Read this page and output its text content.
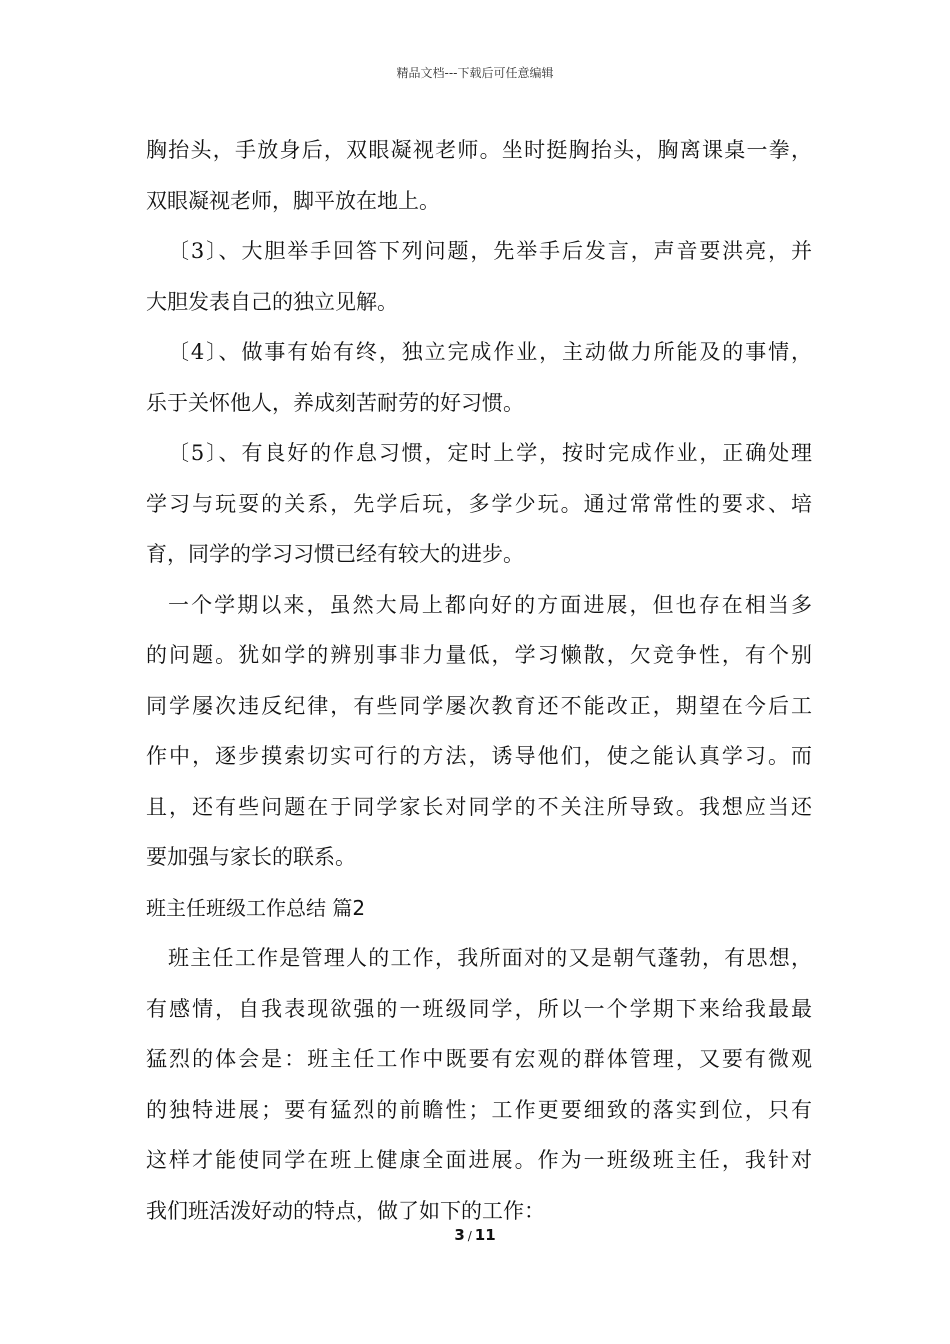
精品文档---下载后可任意编辑
胸抬头，手放身后，双眼凝视老师。坐时挺胸抬头，胸离课桌一拳，
双眼凝视老师，脚平放在地上。
〔3〕、大胆举手回答下列问题，先举手后发言，声音要洪亮，并
大胆发表自己的独立见解。
〔4〕、做事有始有终，独立完成作业，主动做力所能及的事情，
乐于关怀他人，养成刻苦耐劳的好习惯。
〔5〕、有良好的作息习惯，定时上学，按时完成作业，正确处理
学习与玩耍的关系，先学后玩，多学少玩。通过常常性的要求、培
育，同学的学习习惯已经有较大的进步。
一个学期以来，虽然大局上都向好的方面进展，但也存在相当多
的问题。犹如学的辨别事非力量低，学习懒散，欠竞争性，有个别
同学屡次违反纪律，有些同学屡次教育还不能改正，期望在今后工
作中，逐步摸索切实可行的方法，诱导他们，使之能认真学习。而
且，还有些问题在于同学家长对同学的不关注所导致。我想应当还
要加强与家长的联系。
班主任班级工作总结 篇2
班主任工作是管理人的工作，我所面对的又是朝气蓬勃，有思想，
有感情，自我表现欲强的一班级同学，所以一个学期下来给我最最
猛烈的体会是：班主任工作中既要有宏观的群体管理，又要有微观
的独特进展；要有猛烈的前瞻性；工作更要细致的落实到位，只有
这样才能使同学在班上健康全面进展。作为一班级班主任，我针对
我们班活泼好动的特点，做了如下的工作：
3 / 11
